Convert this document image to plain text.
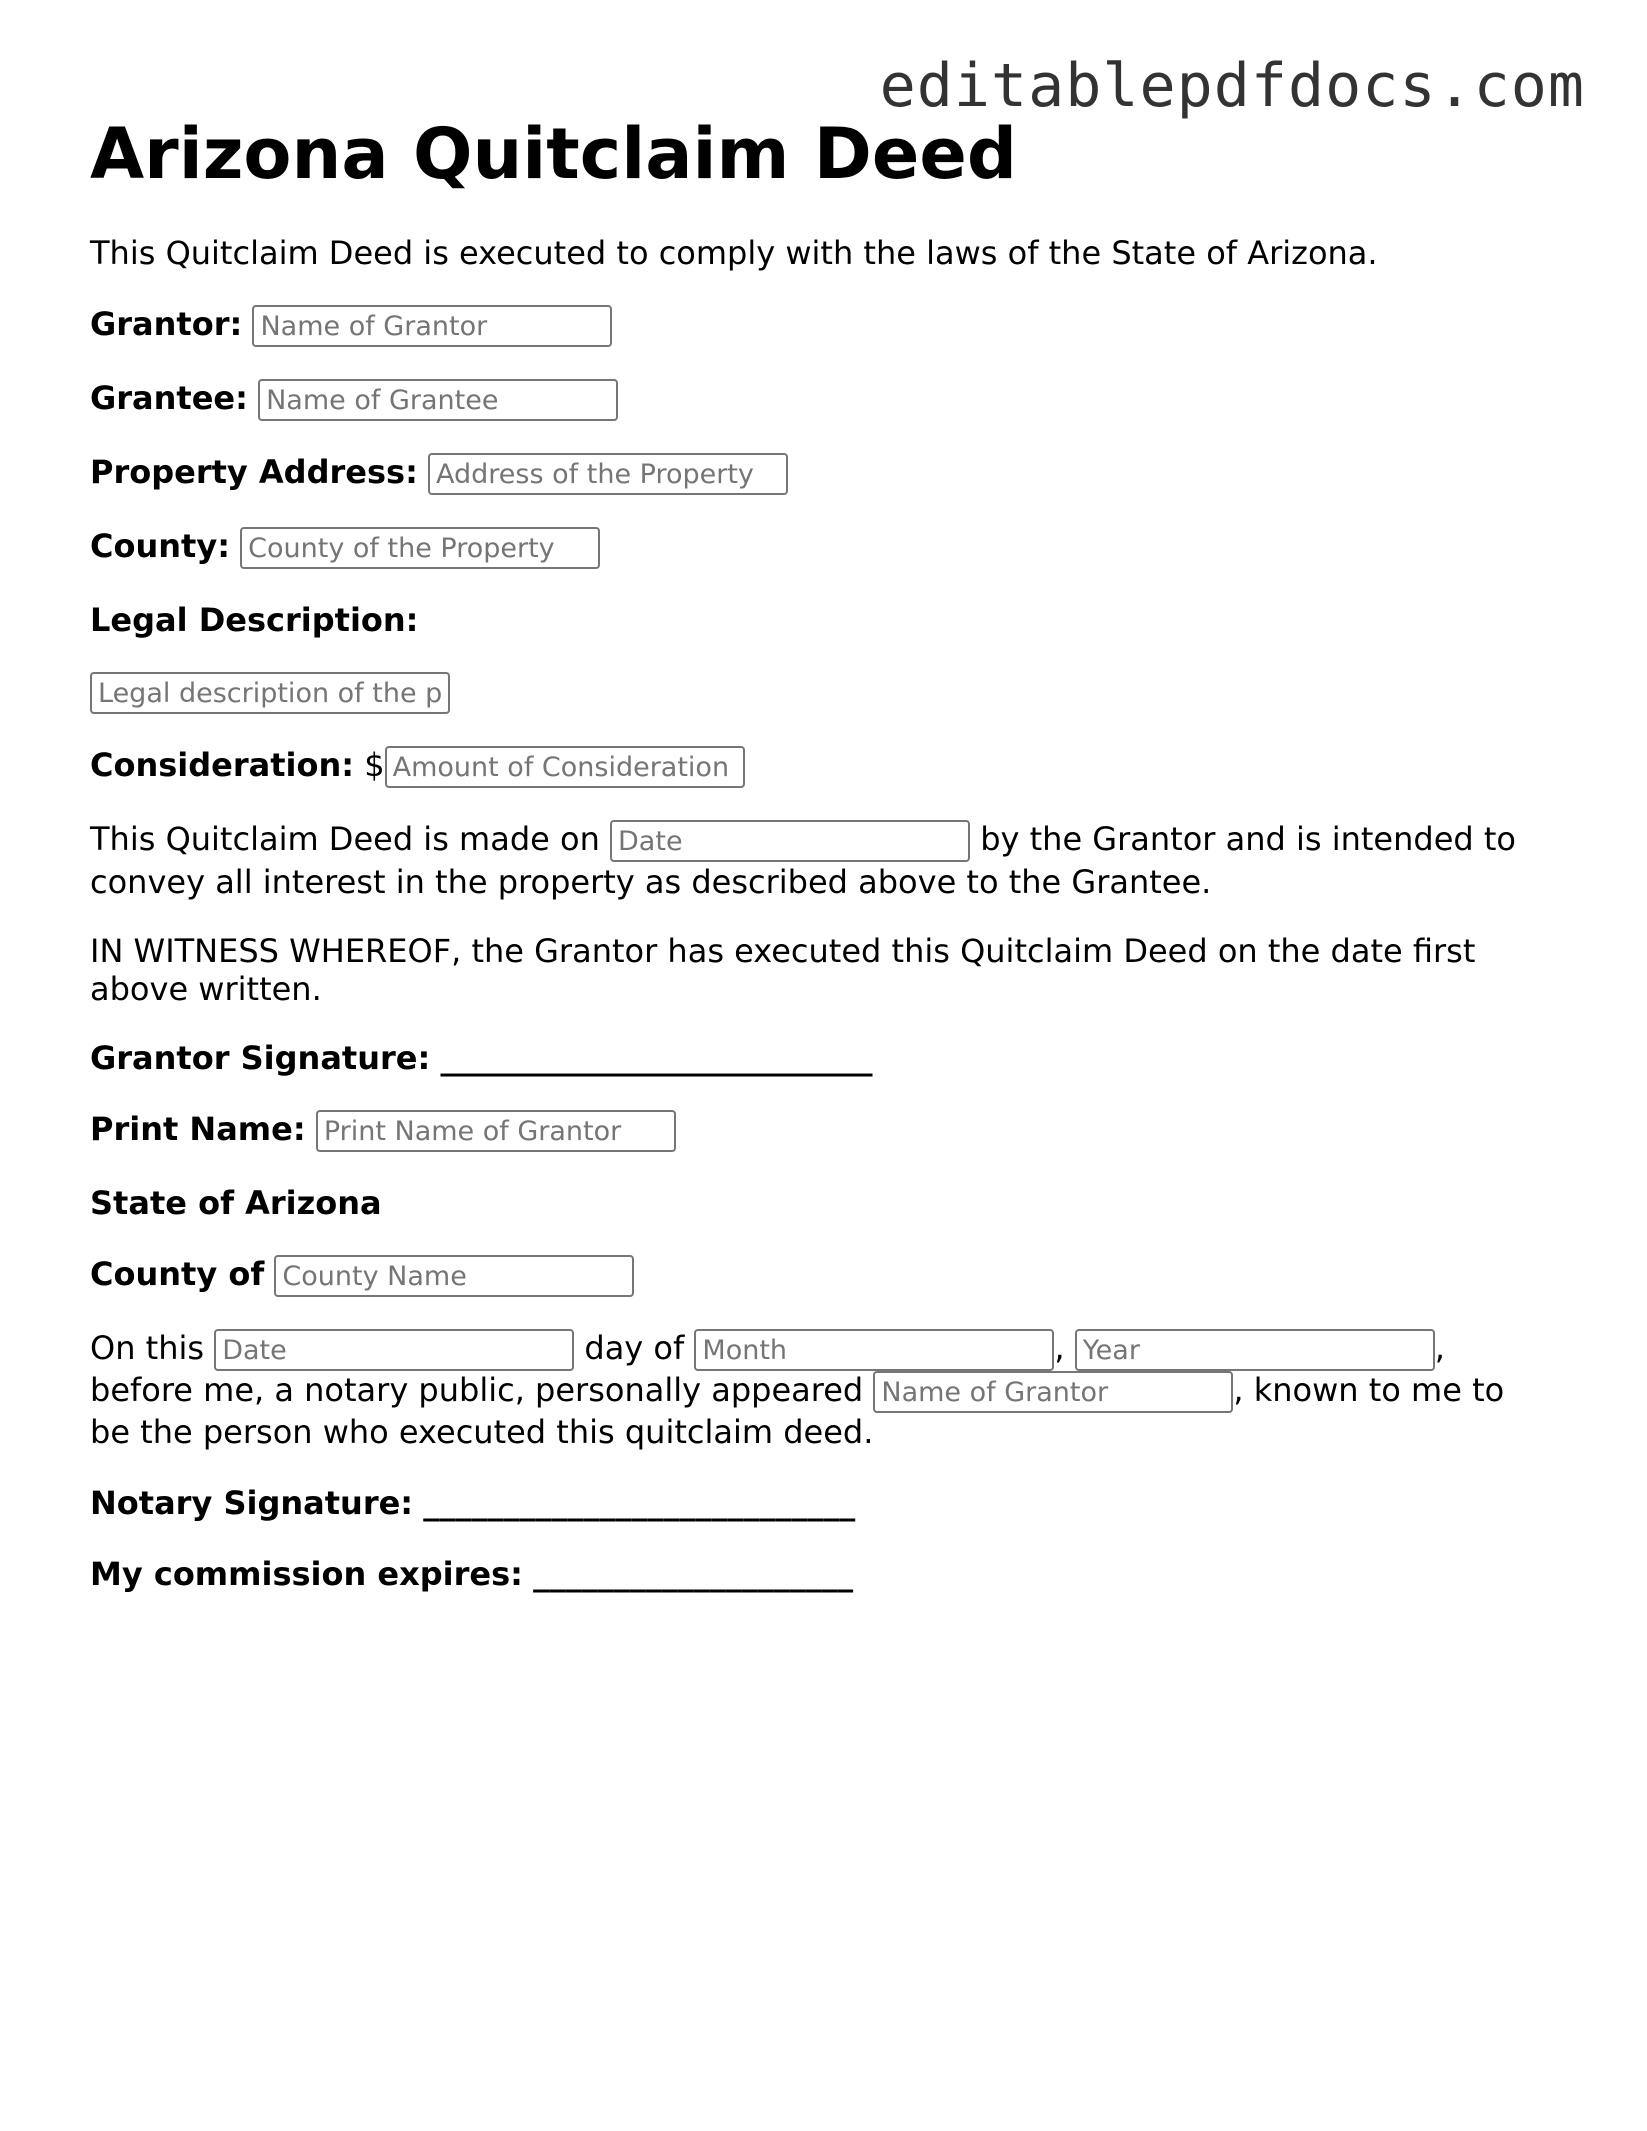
editablepdfdocs.com
Arizona Quitclaim Deed
This Quitclaim Deed is executed to comply with the laws of the State of Arizona.
Grantor: Name of Grantor
Grantee: Name of Grantee
Property Address: Address of the Property
County: County of the Property
Legal Description:
Legal description of the property
Consideration: $Amount of Consideration
This Quitclaim Deed is made on Date	by the Grantor and is intended to
convey all interest in the property as described above to the Grantee.
IN WITNESS WHEREOF, the Grantor has executed this Quitclaim Deed on the date first
above written.
Grantor Signature: ___________________________
Print Name: Print Name of Grantor
State of Arizona
County of County Name
On this Date	day of Month	, Year	,
before me, a notary public, personally appeared Name of Grantor	, known to me to
be the person who executed this quitclaim deed.
Notary Signature: ___________________________
My commission expires: ____________________
